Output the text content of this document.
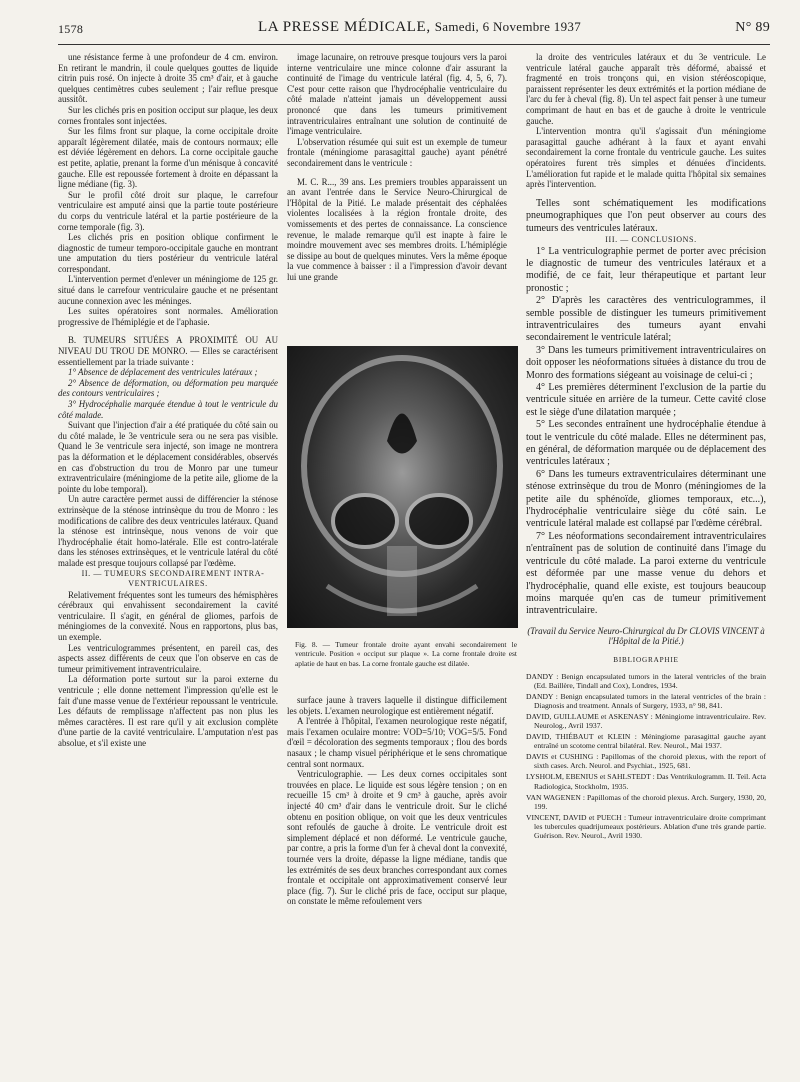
1578	LA PRESSE MÉDICALE, Samedi, 6 Novembre 1937	N° 89

une résistance ferme à une profondeur de 4 cm. environ. En retirant le mandrin, il coule quelques gouttes de liquide citrin puis rosé. On injecte à droite 35 cm³ d'air, et à gauche quelques centimètres cubes seulement ; l'air reflue presque aussitôt.

Sur les clichés pris en position occiput sur plaque, les deux cornes frontales sont injectées.

Sur les films front sur plaque, la corne occipitale droite apparaît légèrement dilatée, mais de contours normaux; elle est déviée légèrement en dehors. La corne occipitale gauche est petite, aplatie, prenant la forme d'un ménisque à concavité gauche. Elle est repoussée fortement à droite en dépassant la ligne médiane (fig. 3).

Sur le profil côté droit sur plaque, le carrefour ventriculaire est amputé ainsi que la partie toute postérieure du corps du ventricule latéral et la partie postérieure de la corne temporale (fig. 3).

Les clichés pris en position oblique confirment le diagnostic de tumeur temporo-occipitale gauche en montrant une amputation du tiers postérieur du ventricule latéral correspondant.

L'intervention permet d'enlever un méningiome de 125 gr. situé dans le carrefour ventriculaire gauche et ne présentant aucune connexion avec les méninges.

Les suites opératoires sont normales. Amélioration progressive de l'hémiplégie et de l'aphasie.

B. TUMEURS SITUÉES A PROXIMITÉ OU AU NIVEAU DU TROU DE MONRO. — Elles se caractérisent essentiellement par la triade suivante :

1° Absence de déplacement des ventricules latéraux ;

2° Absence de déformation, ou déformation peu marquée des contours ventriculaires ;

3° Hydrocéphalie marquée étendue à tout le ventricule du côté malade.

Suivant que l'injection d'air a été pratiquée du côté sain ou du côté malade, le 3e ventricule sera ou ne sera pas visible. Quand le 3e ventricule sera injecté, son image ne montrera pas la déformation et le déplacement considérables, observés en cas d'obstruction du trou de Monro par une tumeur extraventriculaire (méningiome de la petite aile, gliome de la pointe du lobe temporal).

Un autre caractère permet aussi de différencier la sténose extrinsèque de la sténose intrinsèque du trou de Monro : les modifications de calibre des deux ventricules latéraux. Quand la sténose est intrinsèque, nous venons de voir que l'hydrocéphalie était homo-latérale. Elle est contro-latérale dans les sténoses extrinsèques, et le ventricule latéral du côté malade est presque toujours collapsé par l'œdème.

II. — TUMEURS SECONDAIREMENT INTRA-VENTRICULAIRES.

Relativement fréquentes sont les tumeurs des hémisphères cérébraux qui envahissent secondairement la cavité ventriculaire. Il s'agit, en général de gliomes, parfois de méningiomes de la convexité. Nous en rapportons, plus bas, un exemple.

Les ventriculogrammes présentent, en pareil cas, des aspects assez différents de ceux que l'on observe en cas de tumeur primitivement intraventriculaire.

La déformation porte surtout sur la paroi externe du ventricule ; elle donne nettement l'impression qu'elle est le fait d'une masse venue de l'extérieur repoussant le ventricule. Les défauts de remplissage n'affectent pas non plus les mêmes caractères. Il est rare qu'il y ait exclusion complète d'une partie de la cavité ventriculaire. L'amputation n'est pas absolue, et s'il existe une

image lacunaire, on retrouve presque toujours vers la paroi interne ventriculaire une mince colonne d'air assurant la continuité de l'image du ventricule latéral (fig. 4, 5, 6, 7). C'est pour cette raison que l'hydrocéphalie ventriculaire du côté malade n'atteint jamais un développement aussi prononcé que dans les tumeurs primitivement intraventriculaires entraînant une solution de continuité de l'image ventriculaire.

L'observation résumée qui suit est un exemple de tumeur frontale (méningiome parasagittal gauche) ayant pénétré secondairement dans le ventricule :

M. C. R..., 39 ans. Les premiers troubles apparaissent un an avant l'entrée dans le Service Neuro-Chirurgical de l'Hôpital de la Pitié. Le malade présentait des céphalées violentes localisées à la région frontale droite, des vomissements et des pertes de connaissance. La conscience revenue, le malade remarque qu'il est inapte à faire le moindre mouvement avec ses membres droits. L'hémiplégie se dissipe au bout de quelques minutes. Vers la même époque la vue commence à baisser : il a l'impression d'avoir devant lui une grande

Fig. 8. — Tumeur frontale droite ayant envahi secondairement le ventricule. Position « occiput sur plaque ». La corne frontale droite est aplatie de haut en bas. La corne frontale gauche est dilatée.

surface jaune à travers laquelle il distingue difficilement les objets. L'examen neurologique est entièrement négatif.

A l'entrée à l'hôpital, l'examen neurologique reste négatif, mais l'examen oculaire montre: VOD=5/10; VOG=5/5. Fond d'œil = décoloration des segments temporaux ; flou des bords nasaux ; le champ visuel périphérique et le sens chromatique central sont normaux.

Ventriculographie. — Les deux cornes occipitales sont trouvées en place. Le liquide est sous légère tension ; on en recueille 15 cm³ à droite et 9 cm³ à gauche, après avoir injecté 40 cm³ d'air dans le ventricule droit. Sur le cliché obtenu en position oblique, on voit que les deux ventricules sont refoulés de gauche à droite. Le ventricule droit est simplement déplacé et non déformé. Le ventricule gauche, par contre, a pris la forme d'un fer à cheval dont la convexité, tournée vers la droite, dépasse la ligne médiane, tandis que les extrémités de ses deux branches correspondant aux cornes frontale et occipitale ont approximativement conservé leur place (fig. 7). Sur le cliché pris de face, occiput sur plaque, on constate le même refoulement vers

la droite des ventricules latéraux et du 3e ventricule. Le ventricule latéral gauche apparaît très déformé, abaissé et fragmenté en trois tronçons qui, en vision stéréoscopique, paraissent représenter les deux extrémités et la portion médiane de l'arc du fer à cheval (fig. 8). Un tel aspect fait penser à une tumeur comprimant de haut en bas et de gauche à droite le ventricule gauche.

L'intervention montra qu'il s'agissait d'un méningiome parasagittal gauche adhérant à la faux et ayant envahi secondairement la corne frontale du ventricule gauche. Les suites opératoires furent très simples et dénuées d'incidents. L'amélioration fut rapide et le malade quitta l'hôpital six semaines après l'intervention.

Telles sont schématiquement les modifications pneumographiques que l'on peut observer au cours des tumeurs des ventricules latéraux.

III. — CONCLUSIONS.

1° La ventriculographie permet de porter avec précision le diagnostic de tumeur des ventricules latéraux et a modifié, de ce fait, leur thérapeutique et partant leur pronostic ;

2° D'après les caractères des ventriculogrammes, il semble possible de distinguer les tumeurs primitivement intraventriculaires des tumeurs ayant envahi secondairement le ventricule latéral;

3° Dans les tumeurs primitivement intraventriculaires on doit opposer les néoformations situées à distance du trou de Monro des formations siégeant au voisinage de celui-ci ;

4° Les premières déterminent l'exclusion de la partie du ventricule située en arrière de la tumeur. Cette cavité close est le siège d'une dilatation marquée ;

5° Les secondes entraînent une hydrocéphalie étendue à tout le ventricule du côté malade. Elles ne déterminent pas, en général, de déformation marquée ou de déplacement des ventricules latéraux ;

6° Dans les tumeurs extraventriculaires déterminant une sténose extrinsèque du trou de Monro (méningiomes de la petite aile du sphénoïde, gliomes temporaux, etc...), l'hydrocéphalie ventriculaire siège du côté sain. Le ventricule latéral malade est collapsé par l'œdème cérébral.

7° Les néoformations secondairement intraventriculaires n'entraînent pas de solution de continuité dans l'image du ventricule du côté malade. La paroi externe du ventricule est déformée par une masse venue du dehors et l'hydrocéphalie, quand elle existe, est toujours beaucoup moins marquée qu'en cas de tumeur primitivement intraventriculaire.

(Travail du Service Neuro-Chirurgical du Dr CLOVIS VINCENT à l'Hôpital de la Pitié.)

BIBLIOGRAPHIE

DANDY : Benign encapsulated tumors in the lateral ventricles of the brain (Ed. Baillère, Tindall and Cox), Londres, 1934.

DANDY : Benign encapsulated tumors in the lateral ventricles of the brain : Diagnosis and treatment. Annals of Surgery, 1933, n° 98, 841.

DAVID, GUILLAUME et ASKENASY : Méningiome intraventriculaire. Rev. Neurolog., Avril 1937.

DAVID, THIÉBAUT et KLEIN : Méningiome parasagittal gauche ayant entraîné un scotome central bilatéral. Rev. Neurol., Mai 1937.

DAVIS et CUSHING : Papillomas of the choroid plexus, with the report of sixth cases. Arch. Neurol. and Psychiat., 1925, 681.

LYSHOLM, EBENIUS et SAHLSTEDT : Das Ventrikulogramm. II. Teil. Acta Radiologica, Stockholm, 1935.

VAN WAGENEN : Papillomas of the choroid plexus. Arch. Surgery, 1930, 20, 199.

VINCENT, DAVID et PUECH : Tumeur intraventriculaire droite comprimant les tubercules quadrijumeaux postérieurs. Ablation d'une très grande partie. Guérison. Rev. Neurol., Avril 1930.
